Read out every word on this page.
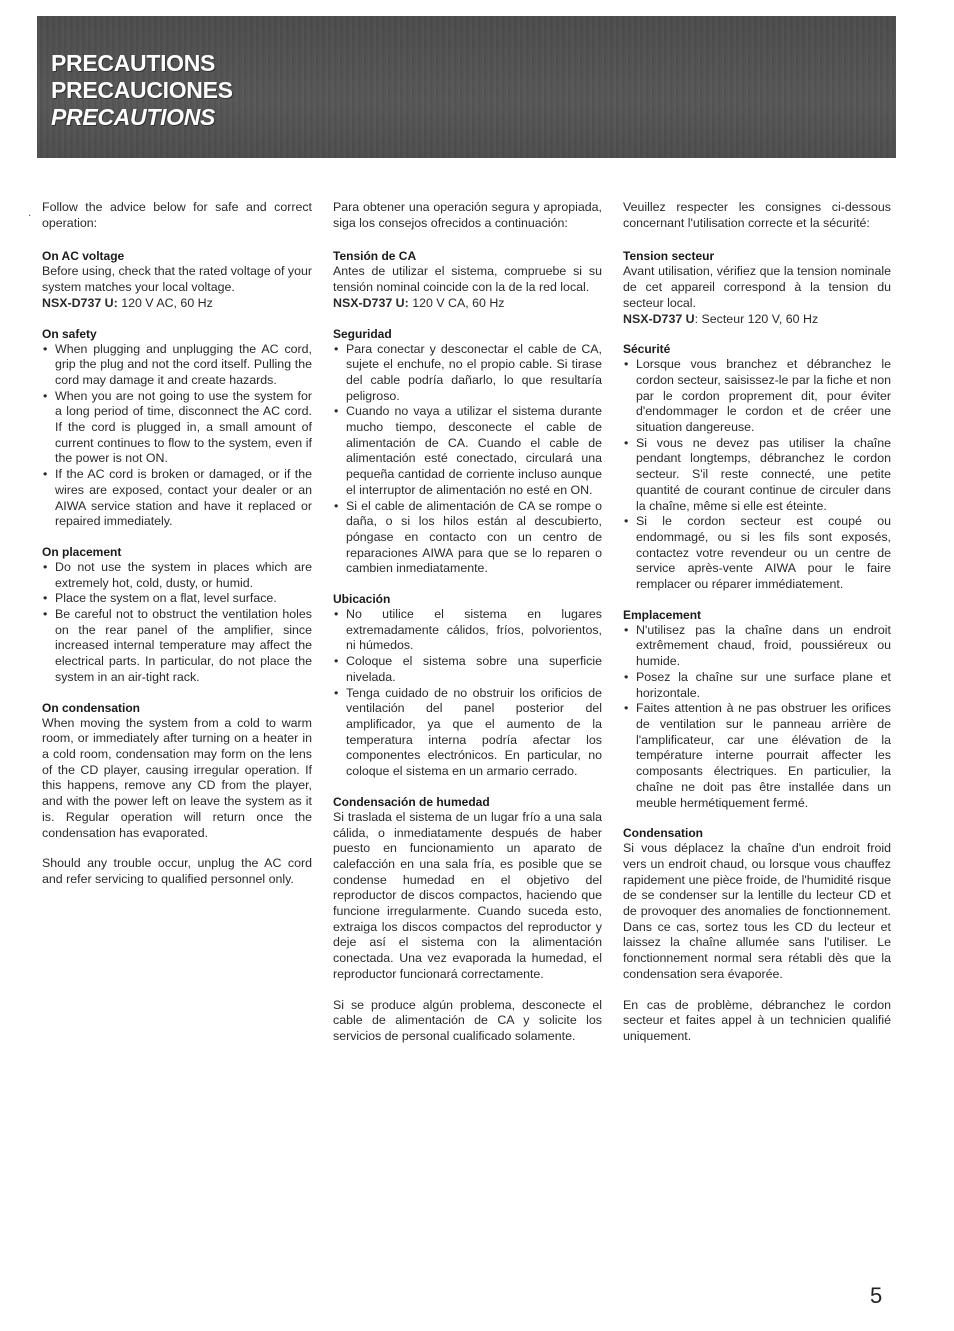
PRECAUTIONS
PRECAUCIONES
PRECAUTIONS
. Follow the advice below for safe and correct operation:

On AC voltage

Before using, check that the rated voltage of your system matches your local voltage.

NSX-D737 U: 120 V AC, 60 Hz

On safety
• When plugging and unplugging the AC cord, grip the plug and not the cord itself. Pulling the cord may damage it and create hazards.
• When you are not going to use the system for a long period of time, disconnect the AC cord. If the cord is plugged in, a small amount of current continues to flow to the system, even if the power is not ON.
• If the AC cord is broken or damaged, or if the wires are exposed, contact your dealer or an AIWA service station and have it replaced or repaired immediately.
On placement
• Do not use the system in places which are extremely hot, cold, dusty, or humid.
• Place the system on a flat, level surface.
• Be careful not to obstruct the ventilation holes on the rear panel of the amplifier, since increased internal temperature may affect the electrical parts. In particular, do not place the system in an air-tight rack.
On condensation

When moving the system from a cold to warm room, or immediately after turning on a heater in a cold room, condensation may form on the lens of the CD player, causing irregular operation. If this happens, remove any CD from the player, and with the power left on leave the system as it is. Regular operation will return once the condensation has evaporated.

Should any trouble occur, unplug the AC cord and refer servicing to qualified personnel only.

Para obtener una operación segura y apropiada, siga los consejos ofrecidos a continuación:

Tensión de CA

Antes de utilizar el sistema, compruebe si su tensión nominal coincide con la de la red local.

NSX-D737 U: 120 V CA, 60 Hz

Seguridad
• Para conectar y desconectar el cable de CA, sujete el enchufe, no el propio cable. Si tirase del cable podría dañarlo, lo que resultaría peligroso.
• Cuando no vaya a utilizar el sistema durante mucho tiempo, desconecte el cable de alimentación de CA. Cuando el cable de alimentación esté conectado, circulará una pequeña cantidad de corriente incluso aunque el interruptor de alimentación no esté en ON.
• Si el cable de alimentación de CA se rompe o daña, o si los hilos están al descubierto, póngase en contacto con un centro de reparaciones AIWA para que se lo reparen o cambien inmediatamente.
Ubicación
• No utilice el sistema en lugares extremadamente cálidos, fríos, polvorientos, ni húmedos.
• Coloque el sistema sobre una superficie nivelada.
• Tenga cuidado de no obstruir los orificios de ventilación del panel posterior del amplificador, ya que el aumento de la temperatura interna podría afectar los componentes electrónicos. En particular, no coloque el sistema en un armario cerrado.
Condensación de humedad

Si traslada el sistema de un lugar frío a una sala cálida, o inmediatamente después de haber puesto en funcionamiento un aparato de calefacción en una sala fría, es posible que se condense humedad en el objetivo del reproductor de discos compactos, haciendo que funcione irregularmente. Cuando suceda esto, extraiga los discos compactos del reproductor y deje así el sistema con la alimentación conectada. Una vez evaporada la humedad, el reproductor funcionará correctamente.

Si se produce algún problema, desconecte el cable de alimentación de CA y solicite los servicios de personal cualificado solamente.

Veuillez respecter les consignes ci-dessous concernant l'utilisation correcte et la sécurité:

Tension secteur

Avant utilisation, vérifiez que la tension nominale de cet appareil correspond à la tension du secteur local.

NSX-D737 U: Secteur 120 V, 60 Hz

Sécurité
• Lorsque vous branchez et débranchez le cordon secteur, saisissez-le par la fiche et non par le cordon proprement dit, pour éviter d'endommager le cordon et de créer une situation dangereuse.
• Si vous ne devez pas utiliser la chaîne pendant longtemps, débranchez le cordon secteur. S'il reste connecté, une petite quantité de courant continue de circuler dans la chaîne, même si elle est éteinte.
• Si le cordon secteur est coupé ou endommagé, ou si les fils sont exposés, contactez votre revendeur ou un centre de service après-vente AIWA pour le faire remplacer ou réparer immédiatement.
Emplacement
• N'utilisez pas la chaîne dans un endroit extrêmement chaud, froid, poussiéreux ou humide.
• Posez la chaîne sur une surface plane et horizontale.
• Faites attention à ne pas obstruer les orifices de ventilation sur le panneau arrière de l'amplificateur, car une élévation de la température interne pourrait affecter les composants électriques. En particulier, la chaîne ne doit pas être installée dans un meuble hermétiquement fermé.
Condensation

Si vous déplacez la chaîne d'un endroit froid vers un endroit chaud, ou lorsque vous chauffez rapidement une pièce froide, de l'humidité risque de se condenser sur la lentille du lecteur CD et de provoquer des anomalies de fonctionnement. Dans ce cas, sortez tous les CD du lecteur et laissez la chaîne allumée sans l'utiliser. Le fonctionnement normal sera rétabli dès que la condensation sera évaporée.

En cas de problème, débranchez le cordon secteur et faites appel à un technicien qualifié uniquement.

5
